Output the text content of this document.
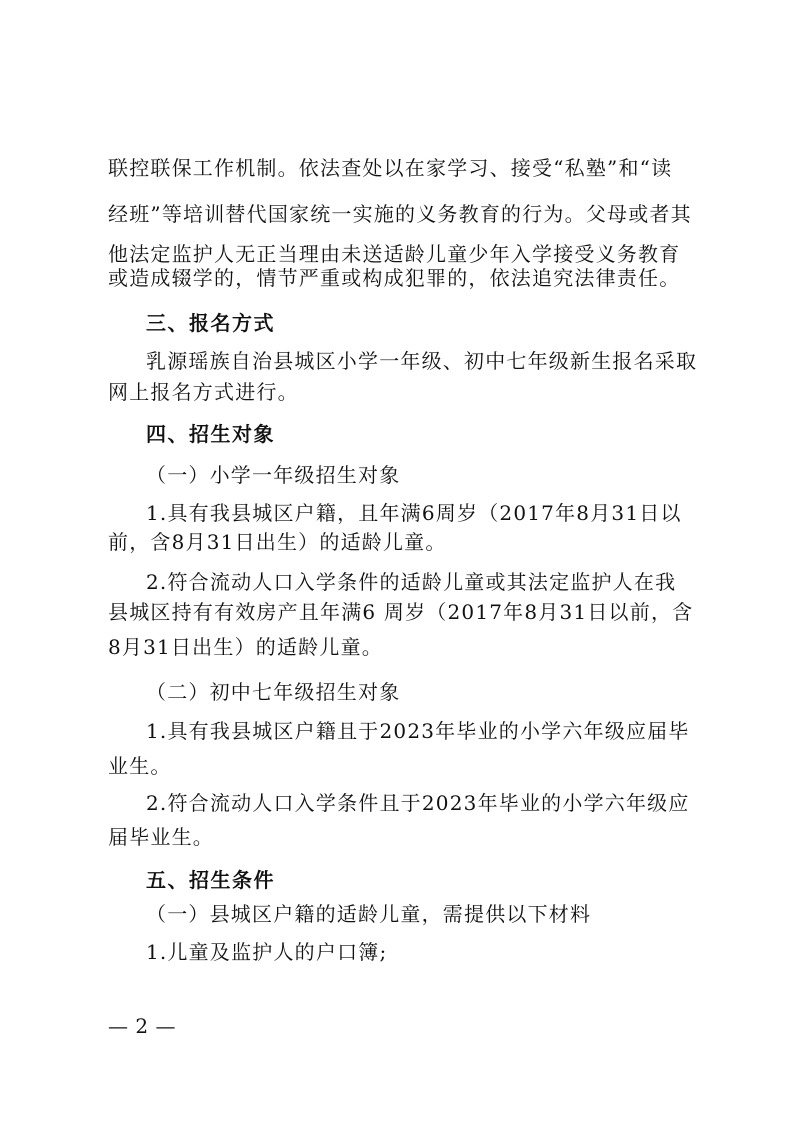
联控联保工作机制。依法查处以在家学习、接受“私塾”和“读
经班”等培训替代国家统一实施的义务教育的行为。父母或者其
他法定监护人无正当理由未送适龄儿童少年入学接受义务教育
或造成辍学的，情节严重或构成犯罪的，依法追究法律责任。
三、报名方式
乳源瑶族自治县城区小学一年级、初中七年级新生报名采取
网上报名方式进行。
四、招生对象
（一）小学一年级招生对象
1.具有我县城区户籍，且年满6周岁（2017年8月31日以
前，含8月31日出生）的适龄儿童。
2.符合流动人口入学条件的适龄儿童或其法定监护人在我
县城区持有有效房产且年满6 周岁（2017年8月31日以前，含
8月31日出生）的适龄儿童。
（二）初中七年级招生对象
1.具有我县城区户籍且于2023年毕业的小学六年级应届毕
业生。
2.符合流动人口入学条件且于2023年毕业的小学六年级应
届毕业生。
五、招生条件
（一）县城区户籍的适龄儿童，需提供以下材料
1.儿童及监护人的户口簿;
— 2 —
